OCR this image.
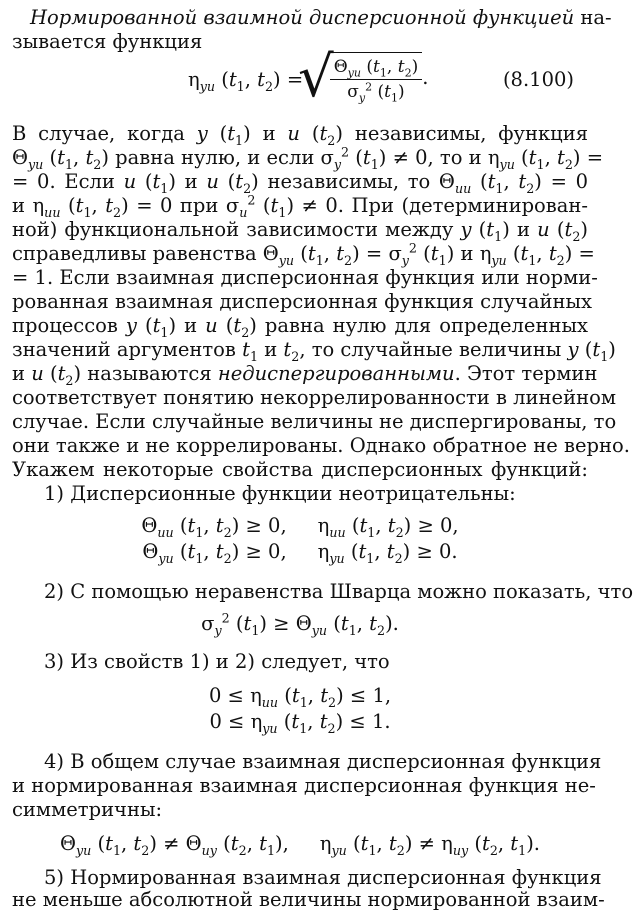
Нормированной взаимной дисперсионной функцией на-
зывается функция
$\eta_{yu}$ ($t_1$, $t_2$) =
√
$\frac{\Theta_{yu} (t_1, t_2)}{\sigma_y^2 (t_1)}$ .	(8.100)
В случае, когда y $(t_1)$ и u $(t_2)$ независимы, функция
$\Theta_{yu}$ ($t_1$, $t_2$) равна нулю, и если $\sigma_y^2$ $(t_1) \ne 0$, то и $\eta_{yu}$ ($t_1$, $t_2$) =
= 0. Если u $(t_1)$ и u $(t_2)$ независимы, то $\Theta_{uu}$ ($t_1$, $t_2) = 0$
и $\eta_{uu}$ ($t_1$, $t_2) = 0$ при $\sigma_u^2$ $(t_1) \ne 0$. При (детерминирован-
ной) функциональной зависимости между y $(t_1)$ и u $(t_2)$
справедливы равенства $\Theta_{yu}$ ($t_1$, $t_2) = \sigma_y^2$ $(t_1)$ и $\eta_{yu}$ ($t_1$, $t_2$) =
= 1. Если взаимная дисперсионная функция или норми-
рованная взаимная дисперсионная функция случайных
процессов y $(t_1)$ и u $(t_2)$ равна нулю для определенных
значений аргументов $t_1$ и $t_2$, то случайные величины y $(t_1)$
и u $(t_2)$ называются недиспергированными. Этот термин
соответствует понятию некоррелированности в линейном
случае. Если случайные величины не диспергированы, то
они также и не коррелированы. Однако обратное не верно.
Укажем некоторые свойства дисперсионных функций:
1) Дисперсионные функции неотрицательны:
$\Theta_{uu}$ ($t_1$, $t_2) \ge 0$,     $\eta_{uu}$ ($t_1$, $t_2) \ge 0$,
$\Theta_{yu}$ ($t_1$, $t_2) \ge 0$,     $\eta_{yu}$ ($t_1$, $t_2) \ge 0$.
2) С помощью неравенства Шварца можно показать, что
$\sigma_y^2$ $(t_1) \ge \Theta_{yu}$ ($t_1$, $t_2$).
3) Из свойств 1) и 2) следует, что
$0 \le \eta_{uu}$ ($t_1$, $t_2) \le 1$,
$0 \le \eta_{yu}$ ($t_1$, $t_2) \le 1$.
4) В общем случае взаимная дисперсионная функция
и нормированная взаимная дисперсионная функция не-
симметричны:
$\Theta_{yu}$ ($t_1$, $t_2) \ne \Theta_{uy}$ ($t_2$, $t_1$),     $\eta_{yu}$ ($t_1$, $t_2) \ne \eta_{uy}$ ($t_2$, $t_1$).
5) Нормированная взаимная дисперсионная функция
не меньше абсолютной величины нормированной взаим-
